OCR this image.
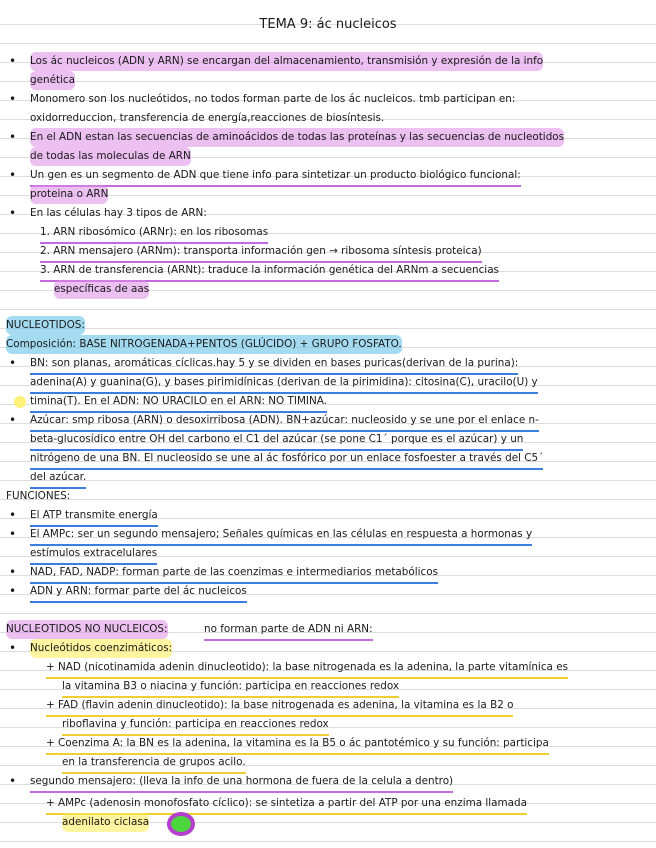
TEMA 9: ác nucleicos
• Los ác nucleicos (ADN y ARN) se encargan del almacenamiento, transmisión y expresión de la info
genética
• Monomero son los nucleótidos, no todos forman parte de los ác nucleicos. tmb participan en:
oxidorreduccion, transferencia de energía,reacciones de biosíntesis.
• En el ADN estan las secuencias de aminoácidos de todas las proteínas y las secuencias de nucleotidos
de todas las moleculas de ARN
• Un gen es un segmento de ADN que tiene info para sintetizar un producto biológico funcional:
proteina o ARN
• En las células hay 3 tipos de ARN:
1. ARN ribosómico (ARNr): en los ribosomas
2. ARN mensajero (ARNm): transporta información gen → ribosoma síntesis proteica)
3. ARN de transferencia (ARNt): traduce la información genética del ARNm a secuencias
específicas de aas
NUCLEOTIDOS:
Composición: BASE NITROGENADA+PENTOS (GLÚCIDO) + GRUPO FOSFATO.
• BN: son planas, aromáticas cíclicas.hay 5 y se dividen en bases puricas(derivan de la purina):
adenina(A) y guanina(G), y bases pirimidínicas (derivan de la pirimidina): citosina(C), uracilo(U) y
timina(T). En el ADN: NO URACILO en el ARN: NO TIMINA.
• Azúcar: smp ribosa (ARN) o desoxirribosa (ADN). BN+azúcar: nucleosido y se une por el enlace n-
beta-glucosídico entre OH del carbono el C1 del azúcar (se pone C1´ porque es el azúcar) y un
nitrógeno de una BN. El nucleosido se une al ác fosfórico por un enlace fosfoester a través del C5´
del azúcar.
FUNCIONES:
• El ATP transmite energía
• El AMPc: ser un segundo mensajero; Señales químicas en las células en respuesta a hormonas y
estímulos extracelulares
• NAD, FAD, NADP: forman parte de las coenzimas e intermediarios metabólicos
• ADN y ARN: formar parte del ác nucleicos
NUCLEOTIDOS NO NUCLEICOS:	no forman parte de ADN ni ARN:
• Nucleótidos coenzimáticos:
+ NAD (nicotinamida adenin dinucleotido): la base nitrogenada es la adenina, la parte vitamínica es
la vitamina B3 o niacina y función: participa en reacciones redox
+ FAD (flavin adenin dinucleotido): la base nitrogenada es adenina, la vitamina es la B2 o
riboflavina y función: participa en reacciones redox
+ Coenzima A: la BN es la adenina, la vitamina es la B5 o ác pantotémico y su función: participa
en la transferencia de grupos acilo.
• segundo mensajero: (lleva la info de una hormona de fuera de la celula a dentro)
+ AMPc (adenosin monofosfato cíclico): se sintetiza a partir del ATP por una enzima llamada
adenilato ciclasa
